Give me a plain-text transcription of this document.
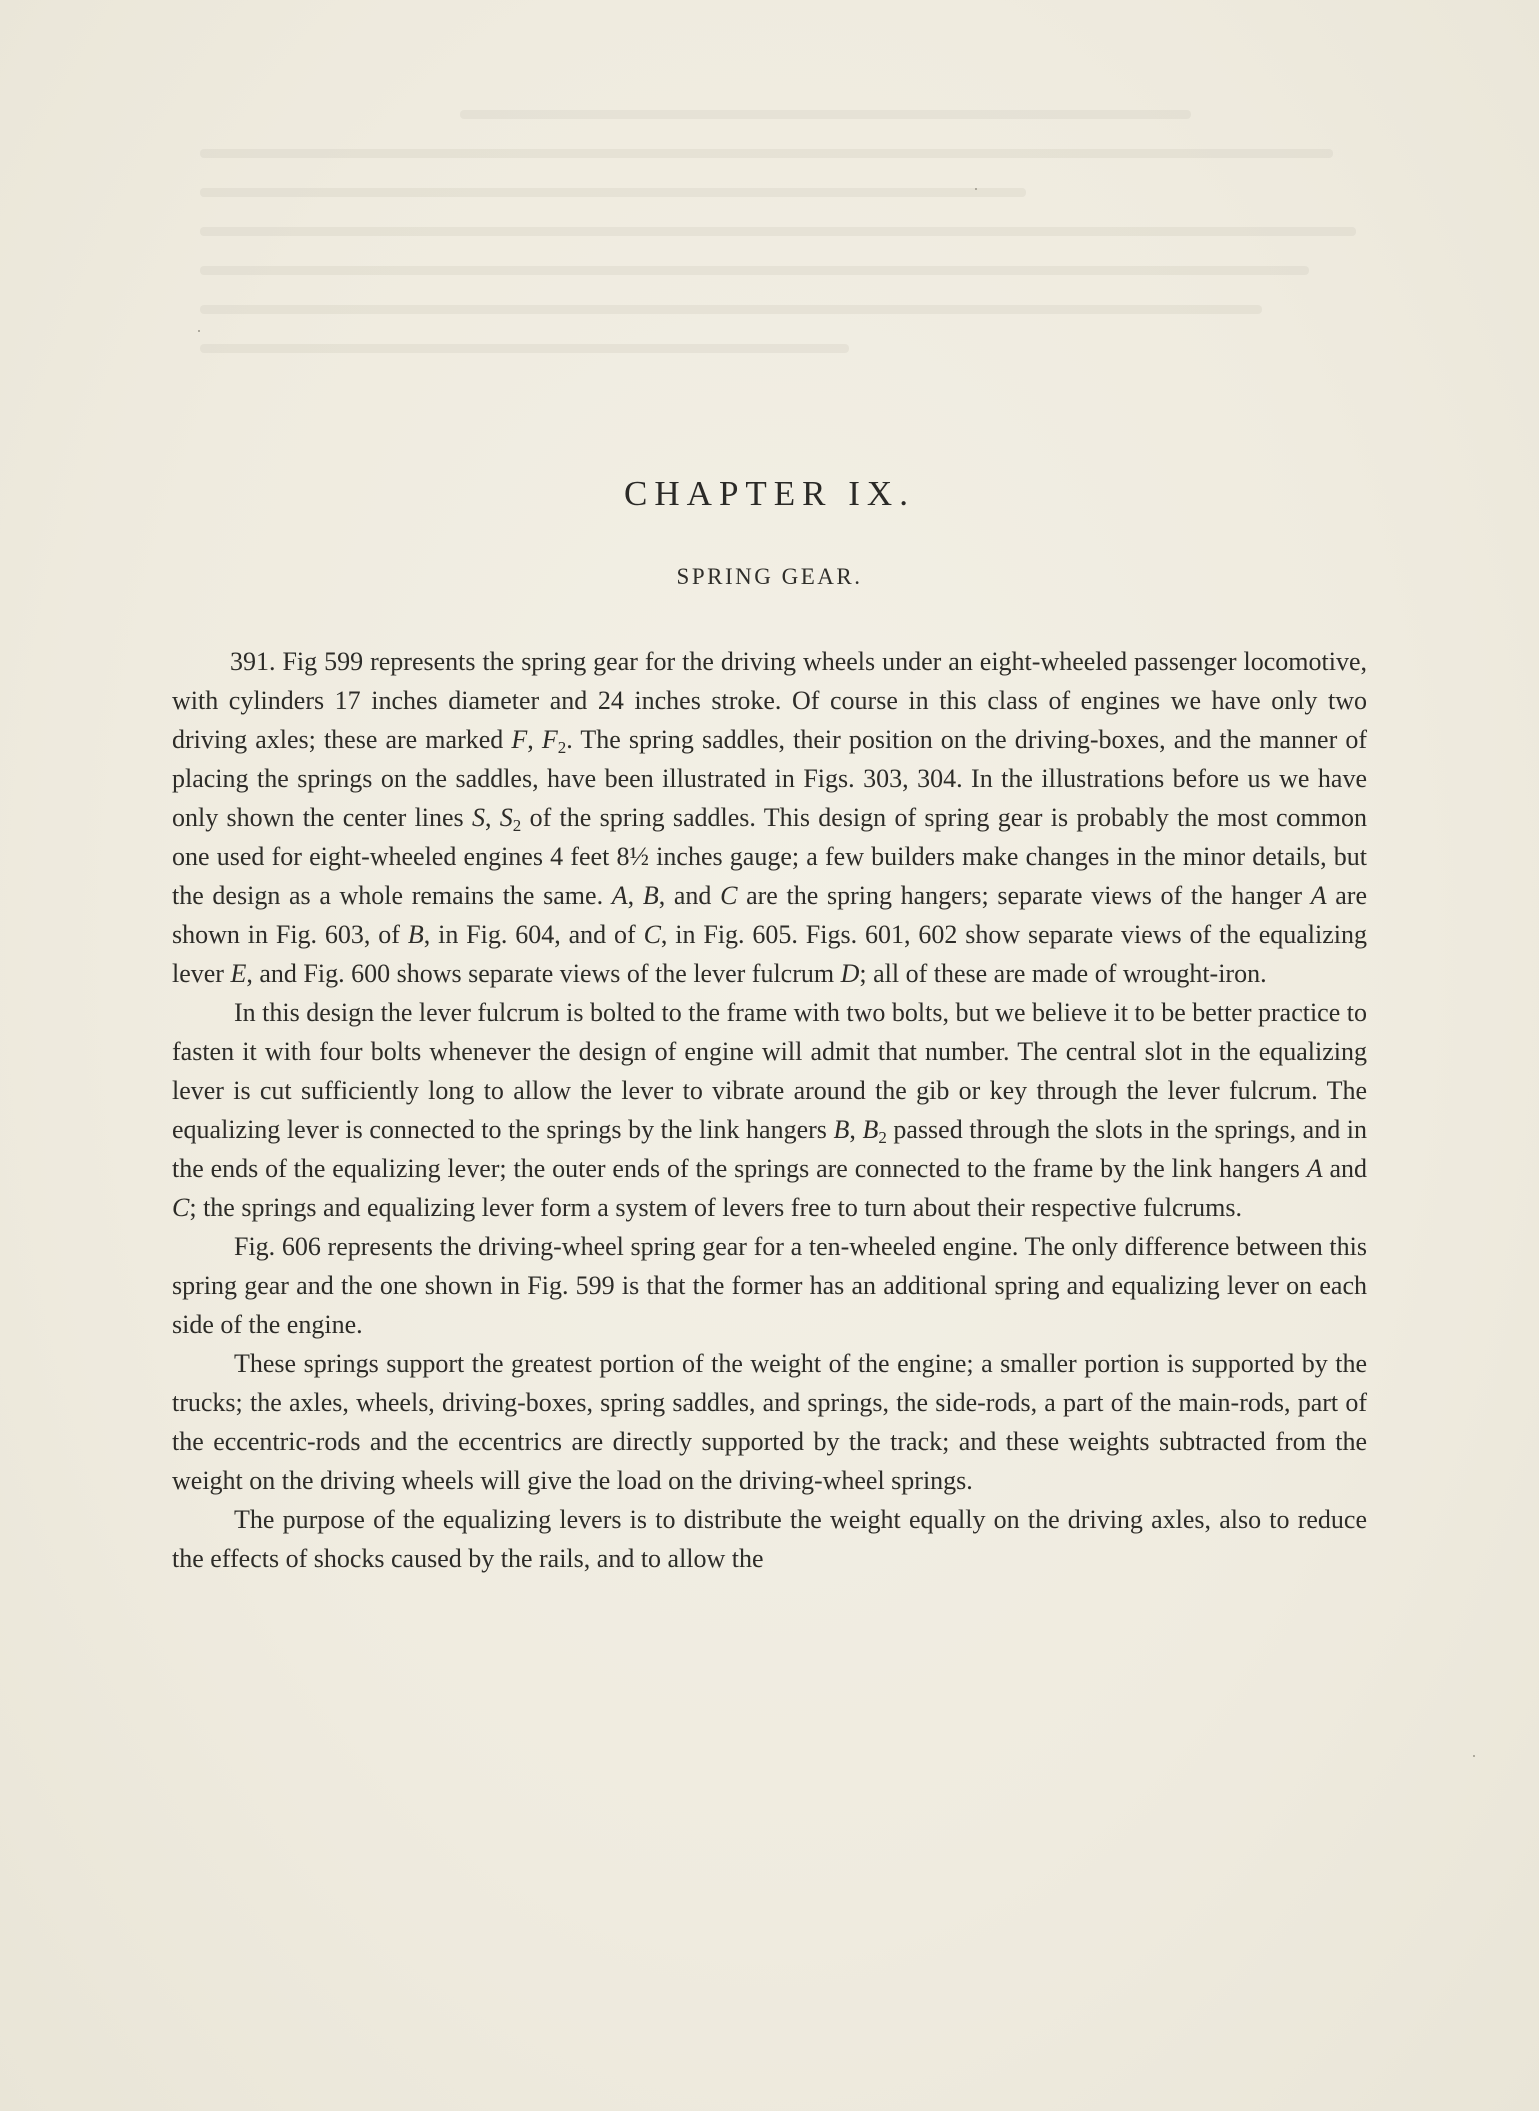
CHAPTER IX.
SPRING GEAR.

391. Fig 599 represents the spring gear for the driving wheels under an eight-wheeled passenger locomotive, with cylinders 17 inches diameter and 24 inches stroke. Of course in this class of engines we have only two driving axles; these are marked F, $F_2$. The spring saddles, their position on the driving-boxes, and the manner of placing the springs on the saddles, have been illustrated in Figs. 303, 304. In the illustrations before us we have only shown the center lines S, $S_2$ of the spring saddles. This design of spring gear is probably the most common one used for eight-wheeled engines 4 feet 8½ inches gauge; a few builders make changes in the minor details, but the design as a whole remains the same. A, B, and C are the spring hangers; separate views of the hanger A are shown in Fig. 603, of B, in Fig. 604, and of C, in Fig. 605. Figs. 601, 602 show separate views of the equalizing lever E, and Fig. 600 shows separate views of the lever fulcrum D; all of these are made of wrought-iron.

In this design the lever fulcrum is bolted to the frame with two bolts, but we believe it to be better practice to fasten it with four bolts whenever the design of engine will admit that number. The central slot in the equalizing lever is cut sufficiently long to allow the lever to vibrate around the gib or key through the lever fulcrum. The equalizing lever is connected to the springs by the link hangers B, $B_2$ passed through the slots in the springs, and in the ends of the equalizing lever; the outer ends of the springs are connected to the frame by the link hangers A and C; the springs and equalizing lever form a system of levers free to turn about their respective fulcrums.

Fig. 606 represents the driving-wheel spring gear for a ten-wheeled engine. The only difference between this spring gear and the one shown in Fig. 599 is that the former has an additional spring and equalizing lever on each side of the engine.

These springs support the greatest portion of the weight of the engine; a smaller portion is supported by the trucks; the axles, wheels, driving-boxes, spring saddles, and springs, the side-rods, a part of the main-rods, part of the eccentric-rods and the eccentrics are directly supported by the track; and these weights subtracted from the weight on the driving wheels will give the load on the driving-wheel springs.

The purpose of the equalizing levers is to distribute the weight equally on the driving axles, also to reduce the effects of shocks caused by the rails, and to allow the
